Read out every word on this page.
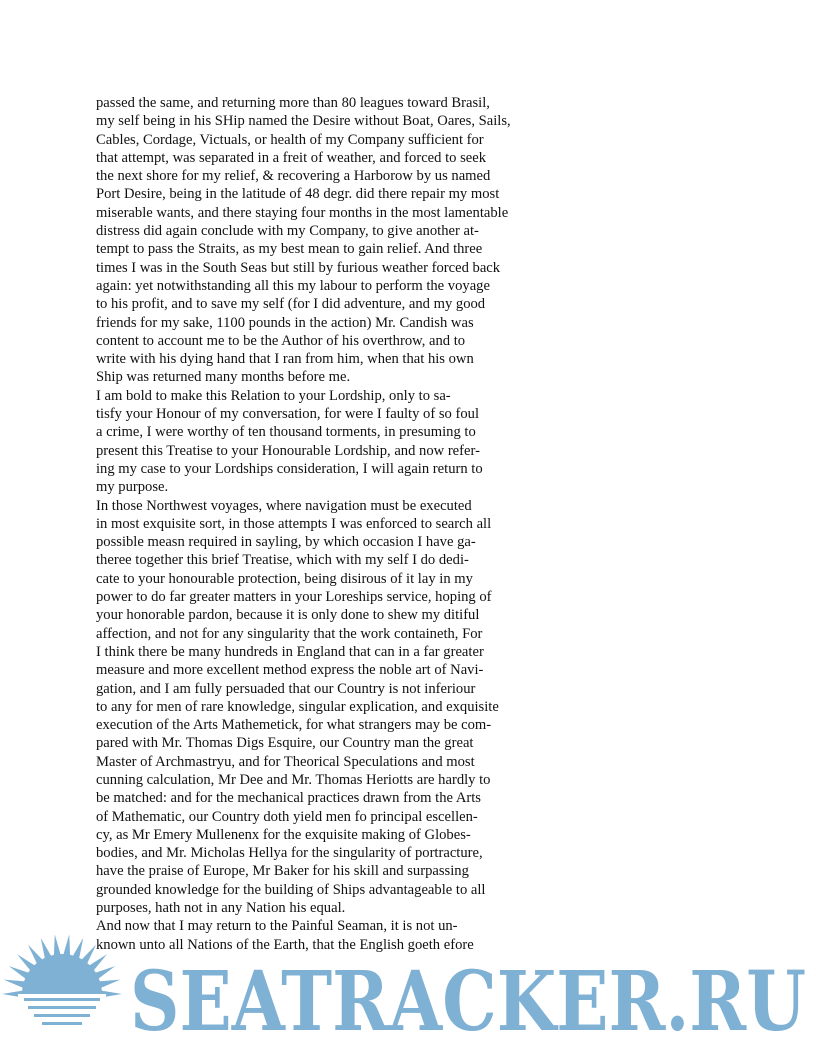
passed the same, and returning more than 80 leagues toward Brasil,
my self being in his SHip named the Desire without Boat, Oares, Sails,
Cables, Cordage, Victuals, or health of my Company sufficient for
that attempt, was separated in a freit of weather, and forced to seek
the next shore for my relief, & recovering a Harborow by us named
Port Desire, being in the latitude of 48 degr. did there repair my most
miserable wants, and there staying four months in the most lamentable
distress did again conclude with my Company, to give another at-
tempt to pass the Straits, as my best mean to gain relief. And three
times I was in the South Seas but still by furious weather forced back
again: yet notwithstanding all this my labour to perform the voyage
to his profit, and to save my self (for I did adventure, and my good
friends for my sake, 1100 pounds in the action) Mr. Candish was
content to account me to be the Author of his overthrow, and to
write with his dying hand that I ran from him, when that his own
Ship was returned many months before me.
I am bold to make this Relation to your Lordship, only to sa-
tisfy your Honour of my conversation, for were I faulty of so foul
a crime, I were worthy of ten thousand torments, in presuming to
present this Treatise to your Honourable Lordship, and now refer-
ing my case to your Lordships consideration, I will again return to
my purpose.
In those Northwest voyages, where navigation must be executed
in most exquisite sort, in those attempts I was enforced to search all
possible measn required in sayling, by which occasion I have ga-
theree together this brief Treatise, which with my self I do dedi-
cate to your honourable protection, being disirous of it lay in my
power to do far greater matters in your Loreships service, hoping of
your honorable pardon, because it is only done to shew my ditiful
affection, and not for any singularity that the work containeth, For
I think there be many hundreds in England that can in a far greater
measure and more excellent method express the noble art of Navi-
gation, and I am fully persuaded that our Country is not inferiour
to any for men of rare knowledge, singular explication, and exquisite
execution of the Arts Mathemetick, for what strangers may be com-
pared with Mr. Thomas Digs Esquire, our Country man the great
Master of Archmastryu, and for Theorical Speculations and most
cunning calculation, Mr Dee and Mr. Thomas Heriotts are hardly to
be matched: and for the mechanical practices drawn from the Arts
of Mathematic, our Country doth yield men fo principal escellen-
cy, as Mr Emery Mullenenx for the exquisite making of Globes-
bodies, and Mr. Micholas Hellya for the singularity of portracture,
have the praise of Europe, Mr Baker for his skill and surpassing
grounded knowledge for the building of Ships advantageable to all
purposes, hath not in any Nation his equal.
And now that I may return to the Painful Seaman, it is not un-
known unto all Nations of the Earth, that the English goeth efore
SEATRACKER.RU
